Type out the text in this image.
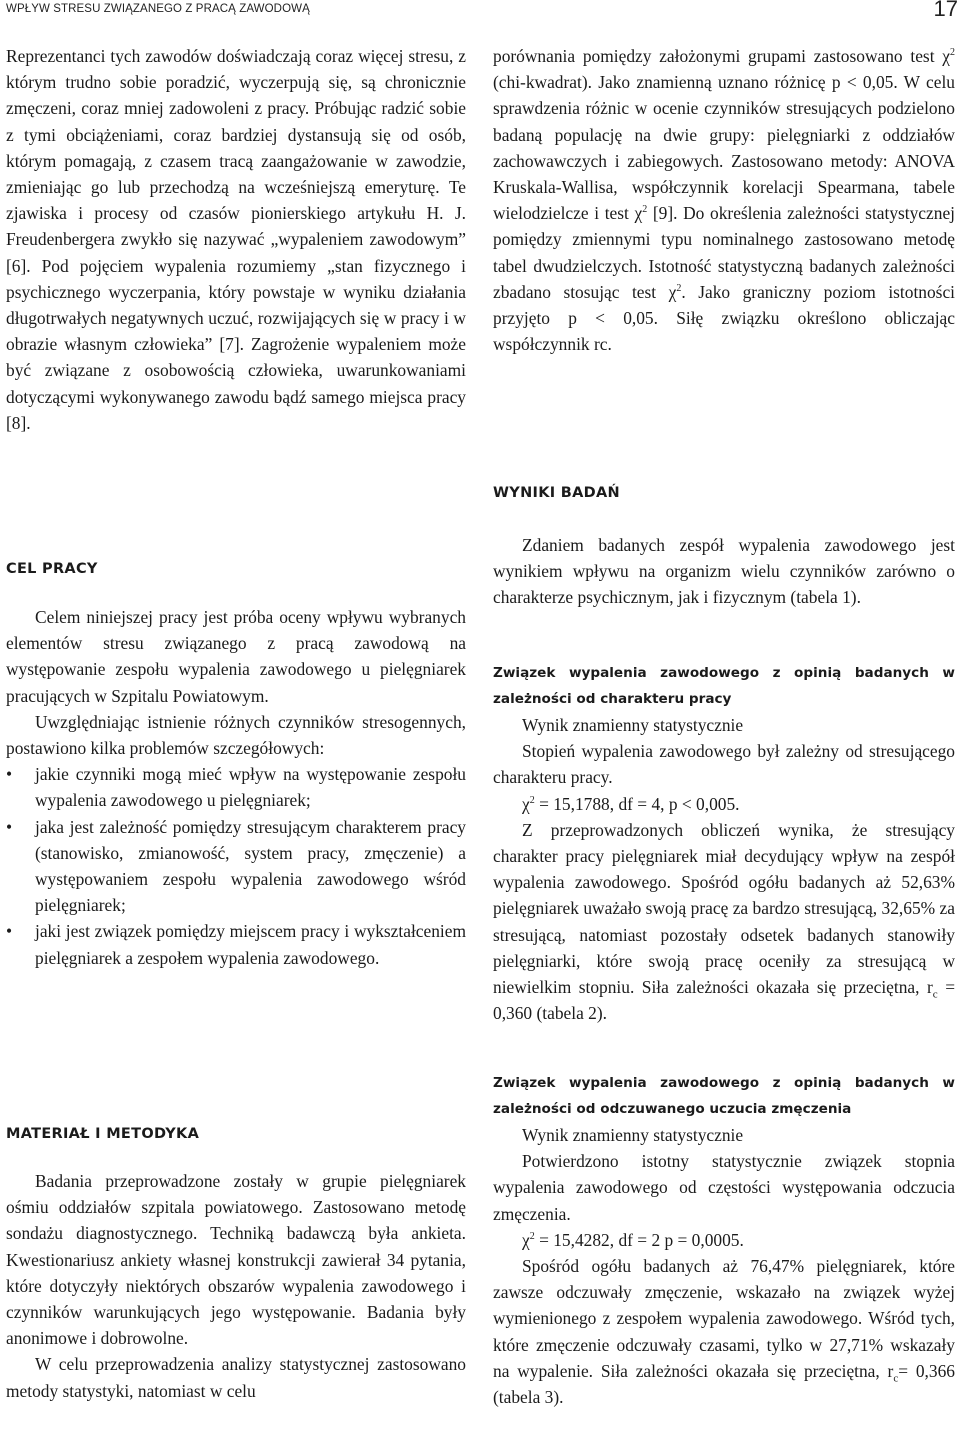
WPŁYW STRESU ZWIĄZANEGO Z PRACĄ ZAWODOWĄ	17

Reprezentanci tych zawodów doświadczają coraz więcej stresu, z którym trudno sobie poradzić, wyczerpują się, są chronicznie zmęczeni, coraz mniej zadowoleni z pracy. Próbując radzić sobie z tymi obciążeniami, coraz bardziej dystansują się od osób, którym pomagają, z czasem tracą zaangażowanie w zawodzie, zmieniając go lub przechodzą na wcześniejszą emeryturę. Te zjawiska i procesy od czasów pionierskiego artykułu H. J. Freudenbergera zwykło się nazywać „wypaleniem zawodowym” [6]. Pod pojęciem wypalenia rozumiemy „stan fizycznego i psychicznego wyczerpania, który powstaje w wyniku działania długotrwałych negatywnych uczuć, rozwijających się w pracy i w obrazie własnym człowieka” [7]. Zagrożenie wypaleniem może być związane z osobowością człowieka, uwarunkowaniami dotyczącymi wykonywanego zawodu bądź samego miejsca pracy [8].

CEL PRACY

Celem niniejszej pracy jest próba oceny wpływu wybranych elementów stresu związanego z pracą zawodową na występowanie zespołu wypalenia zawodowego u pielęgniarek pracujących w Szpitalu Powiatowym.

Uwzględniając istnienie różnych czynników stresogennych, postawiono kilka problemów szczegółowych:

• jakie czynniki mogą mieć wpływ na występowanie zespołu wypalenia zawodowego u pielęgniarek;
• jaka jest zależność pomiędzy stresującym charakterem pracy (stanowisko, zmianowość, system pracy, zmęczenie) a występowaniem zespołu wypalenia zawodowego wśród pielęgniarek;
• jaki jest związek pomiędzy miejscem pracy i wykształceniem pielęgniarek a zespołem wypalenia zawodowego.
MATERIAŁ I METODYKA

Badania przeprowadzone zostały w grupie pielęgniarek ośmiu oddziałów szpitala powiatowego. Zastosowano metodę sondażu diagnostycznego. Techniką badawczą była ankieta. Kwestionariusz ankiety własnej konstrukcji zawierał 34 pytania, które dotyczyły niektórych obszarów wypalenia zawodowego i czynników warunkujących jego występowanie. Badania były anonimowe i dobrowolne.

W celu przeprowadzenia analizy statystycznej zastosowano metody statystyki, natomiast w celu

porównania pomiędzy założonymi grupami zastosowano test $\chi^2$ (chi-kwadrat). Jako znamienną uznano różnicę p < 0,05. W celu sprawdzenia różnic w ocenie czynników stresujących podzielono badaną populację na dwie grupy: pielęgniarki z oddziałów zachowawczych i zabiegowych. Zastosowano metody: ANOVA Kruskala-Wallisa, współczynnik korelacji Spearmana, tabele wielodzielcze i test $\chi^2$ [9]. Do określenia zależności statystycznej pomiędzy zmiennymi typu nominalnego zastosowano metodę tabel dwudzielczych. Istotność statystyczną badanych zależności zbadano stosując test $\chi^2$. Jako graniczny poziom istotności przyjęto p < 0,05. Siłę związku określono obliczając współczynnik rc.

WYNIKI BADAŃ

Zdaniem badanych zespół wypalenia zawodowego jest wynikiem wpływu na organizm wielu czynników zarówno o charakterze psychicznym, jak i fizycznym (tabela 1).

Związek wypalenia zawodowego z opinią badanych w zależności od charakteru pracy

Wynik znamienny statystycznie

Stopień wypalenia zawodowego był zależny od stresującego charakteru pracy.

$\chi^2 = 15,1788$, df = 4, p < 0,005.

Z przeprowadzonych obliczeń wynika, że stresujący charakter pracy pielęgniarek miał decydujący wpływ na zespół wypalenia zawodowego. Spośród ogółu badanych aż 52,63% pielęgniarek uważało swoją pracę za bardzo stresującą, 32,65% za stresującą, natomiast pozostały odsetek badanych stanowiły pielęgniarki, które swoją pracę oceniły za stresującą w niewielkim stopniu. Siła zależności okazała się przeciętna, $r_c = 0,360$ (tabela 2).

Związek wypalenia zawodowego z opinią badanych w zależności od odczuwanego uczucia zmęczenia

Wynik znamienny statystycznie

Potwierdzono istotny statystycznie związek stopnia wypalenia zawodowego od częstości występowania odczucia zmęczenia.

$\chi^2 = 15,4282$, df = 2 p = 0,0005.

Spośród ogółu badanych aż 76,47% pielęgniarek, które zawsze odczuwały zmęczenie, wskazało na związek wyżej wymienionego z zespołem wypalenia zawodowego. Wśród tych, które zmęczenie odczuwały czasami, tylko w 27,71% wskazały na wypalenie. Siła zależności okazała się przeciętna, $r_c= 0,366$ (tabela 3).
